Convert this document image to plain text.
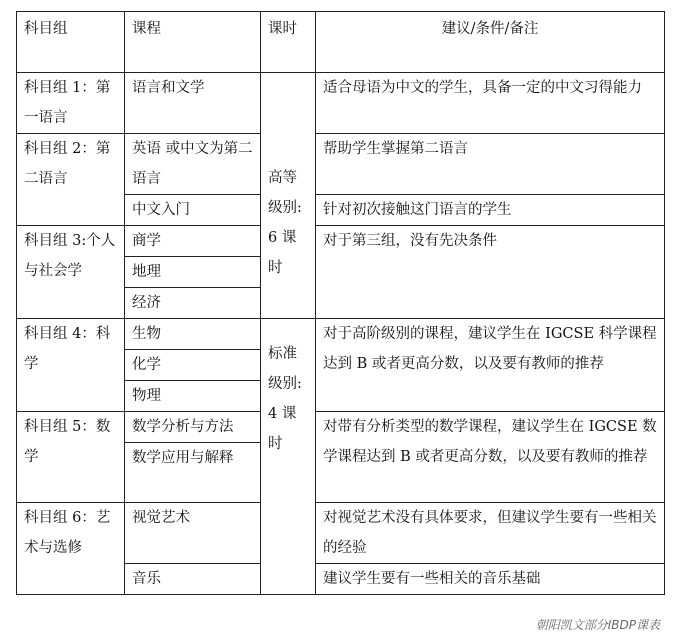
科目组	课程	课时	建议/条件/备注
科目组 1：第一语言	语言和文学	高等级别: 6 课时	适合母语为中文的学生，具备一定的中文习得能力
科目组 2：第二语言	英语 或中文为第二语言		帮助学生掌握第二语言
	中文入门		针对初次接触这门语言的学生
科目组 3:个人与社会学	商学		对于第三组，没有先决条件
	地理		
	经济		
科目组 4：科学	生物	标准级别: 4 课时	对于高阶级别的课程，建议学生在 IGCSE 科学课程达到 B 或者更高分数，以及要有教师的推荐
	化学		
	物理		
科目组 5：数学	数学分析与方法		对带有分析类型的数学课程，建议学生在 IGCSE 数学课程达到 B 或者更高分数，以及要有教师的推荐
	数学应用与解释		
科目组 6：艺术与选修	视觉艺术		对视觉艺术没有具体要求，但建议学生要有一些相关的经验
	音乐		建议学生要有一些相关的音乐基础
朝阳凯文部分IBDP课表
